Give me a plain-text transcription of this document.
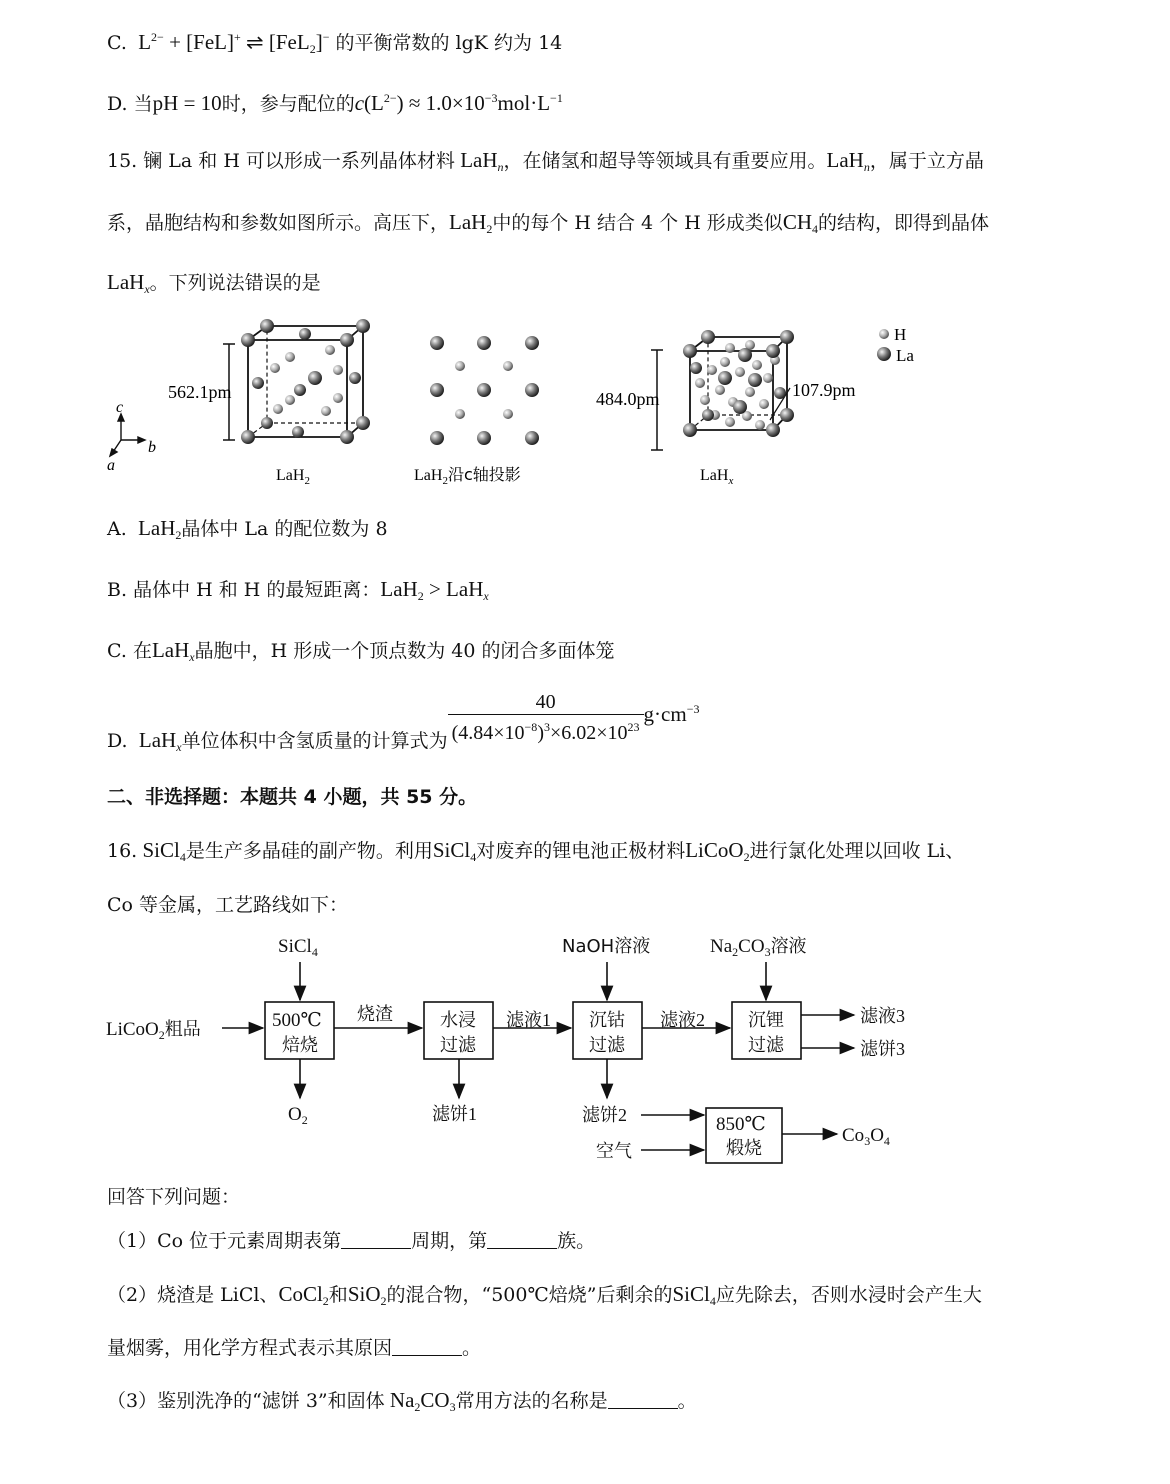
C.  $L^{2-} + [FeL]^+$ ⇌ [FeL$_2$]− 的平衡常数的 lgK 约为 14
D. 当pH = 10时，参与配位的$c(L^{2-}) \approx 1.0\times 10^{-3}mol\cdot L^{-1}$
15. 镧 La 和 H 可以形成一系列晶体材料 LaH$_n$，在储氢和超导等领域具有重要应用。LaH$_n$，属于立方晶
系，晶胞结构和参数如图所示。高压下，LaH$_2$中的每个 H 结合 4 个 H 形成类似$CH_4$的结构，即得到晶体
LaH$_x$。下列说法错误的是
562.1pm
c
b
a
LaH$_2$	LaH$_2$沿c轴投影
484.0pm	107.9pm
LaH$_x$
H
La
A.  LaH$_2$晶体中 La 的配位数为 8
B. 晶体中 H 和 H 的最短距离：LaH$_2$ > LaH$_x$
C. 在LaH$_x$晶胞中，H 形成一个顶点数为 40 的闭合多面体笼
D.  LaH$_x$单位体积中含氢质量的计算式为 $\frac{40}{(4.84\times 10^{-8})^3\times 6.02\times 10^{23}} g\cdot cm^{-3}$
二、非选择题：本题共 4 小题，共 55 分。
16. SiCl$_4$是生产多晶硅的副产物。利用SiCl$_4$对废弃的锂电池正极材料LiCoO$_2$进行氯化处理以回收 Li、
Co 等金属，工艺路线如下：
SiCl$_4$	NaOH溶液	$Na_2CO_3$溶液
LiCoO$_2$粗品	500℃
焙烧
烧渣	水浸
过滤
滤液1 沉钴
过滤
滤液2 沉锂
过滤
滤液3
滤饼3
$O_2$	滤饼1	滤饼2
空气
850℃
煅烧
$Co_3O_4$
回答下列问题：
（1）Co 位于元素周期表第	周期，第	族。
（2）烧渣是 LiCl、CoCl$_2$和SiO$_2$的混合物，“500℃焙烧”后剩余的SiCl$_4$应先除去，否则水浸时会产生大
量烟雾，用化学方程式表示其原因	。
（3）鉴别洗净的“滤饼 3”和固体 $Na_2CO_3$常用方法的名称是	。
